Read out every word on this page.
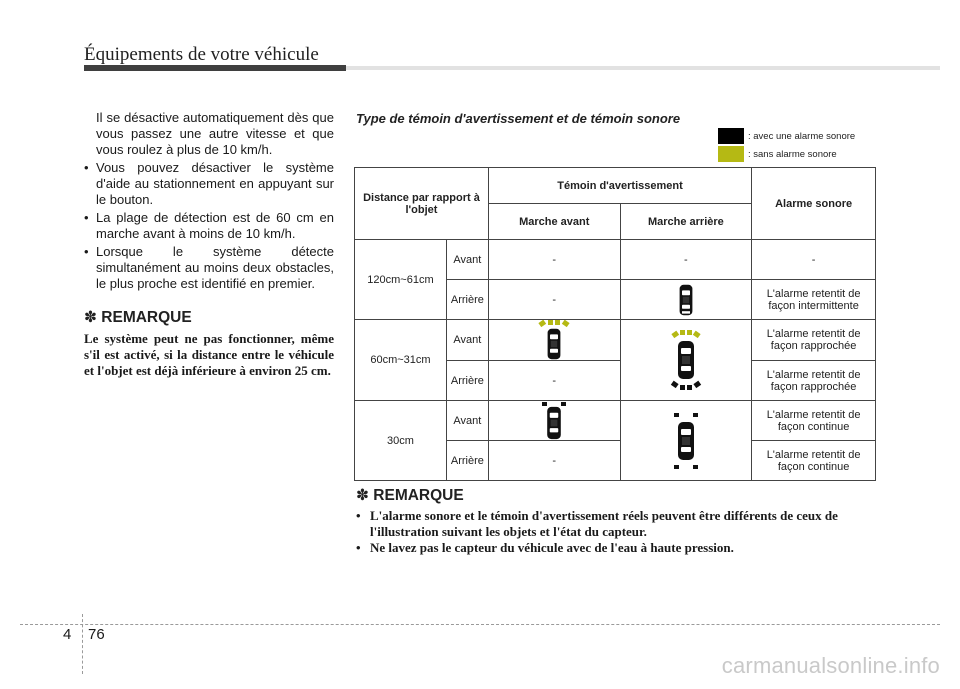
Équipements de votre véhicule

Il se désactive automatiquement dès que vous passez une autre vitesse et que vous roulez à plus de 10 km/h.

• Vous pouvez désactiver le système d'aide au stationnement en appuyant sur le bouton.

• La plage de détection est de 60 cm en marche avant à moins de 10 km/h.

• Lorsque le système détecte simultanément au moins deux obstacles, le plus proche est identifié en premier.

✽ REMARQUE
Le système peut ne pas fonctionner, même s'il est activé, si la distance entre le véhicule et l'objet est déjà inférieure à environ 25 cm.
Type de témoin d'avertissement et de témoin sonore
: avec une alarme sonore
: sans alarme sonore
Distance par rapport à l'objet		Témoin d'avertissement		Alarme sonore
		Marche avant	Marche arrière	
120cm~61cm	Avant	-	-	-
	Arrière	-		L'alarme retentit de façon intermittente
60cm~31cm	Avant			L'alarme retentit de façon rapprochée
	Arrière	-		L'alarme retentit de façon rapprochée
30cm	Avant			L'alarme retentit de façon continue
	Arrière	-		L'alarme retentit de façon continue
✽ REMARQUE
• L'alarme sonore et le témoin d'avertissement réels peuvent être différents de ceux de l'illustration suivant les objets et l'état du capteur.
• Ne lavez pas le capteur du véhicule avec de l'eau à haute pression.
4 76
carmanualsonline.info
